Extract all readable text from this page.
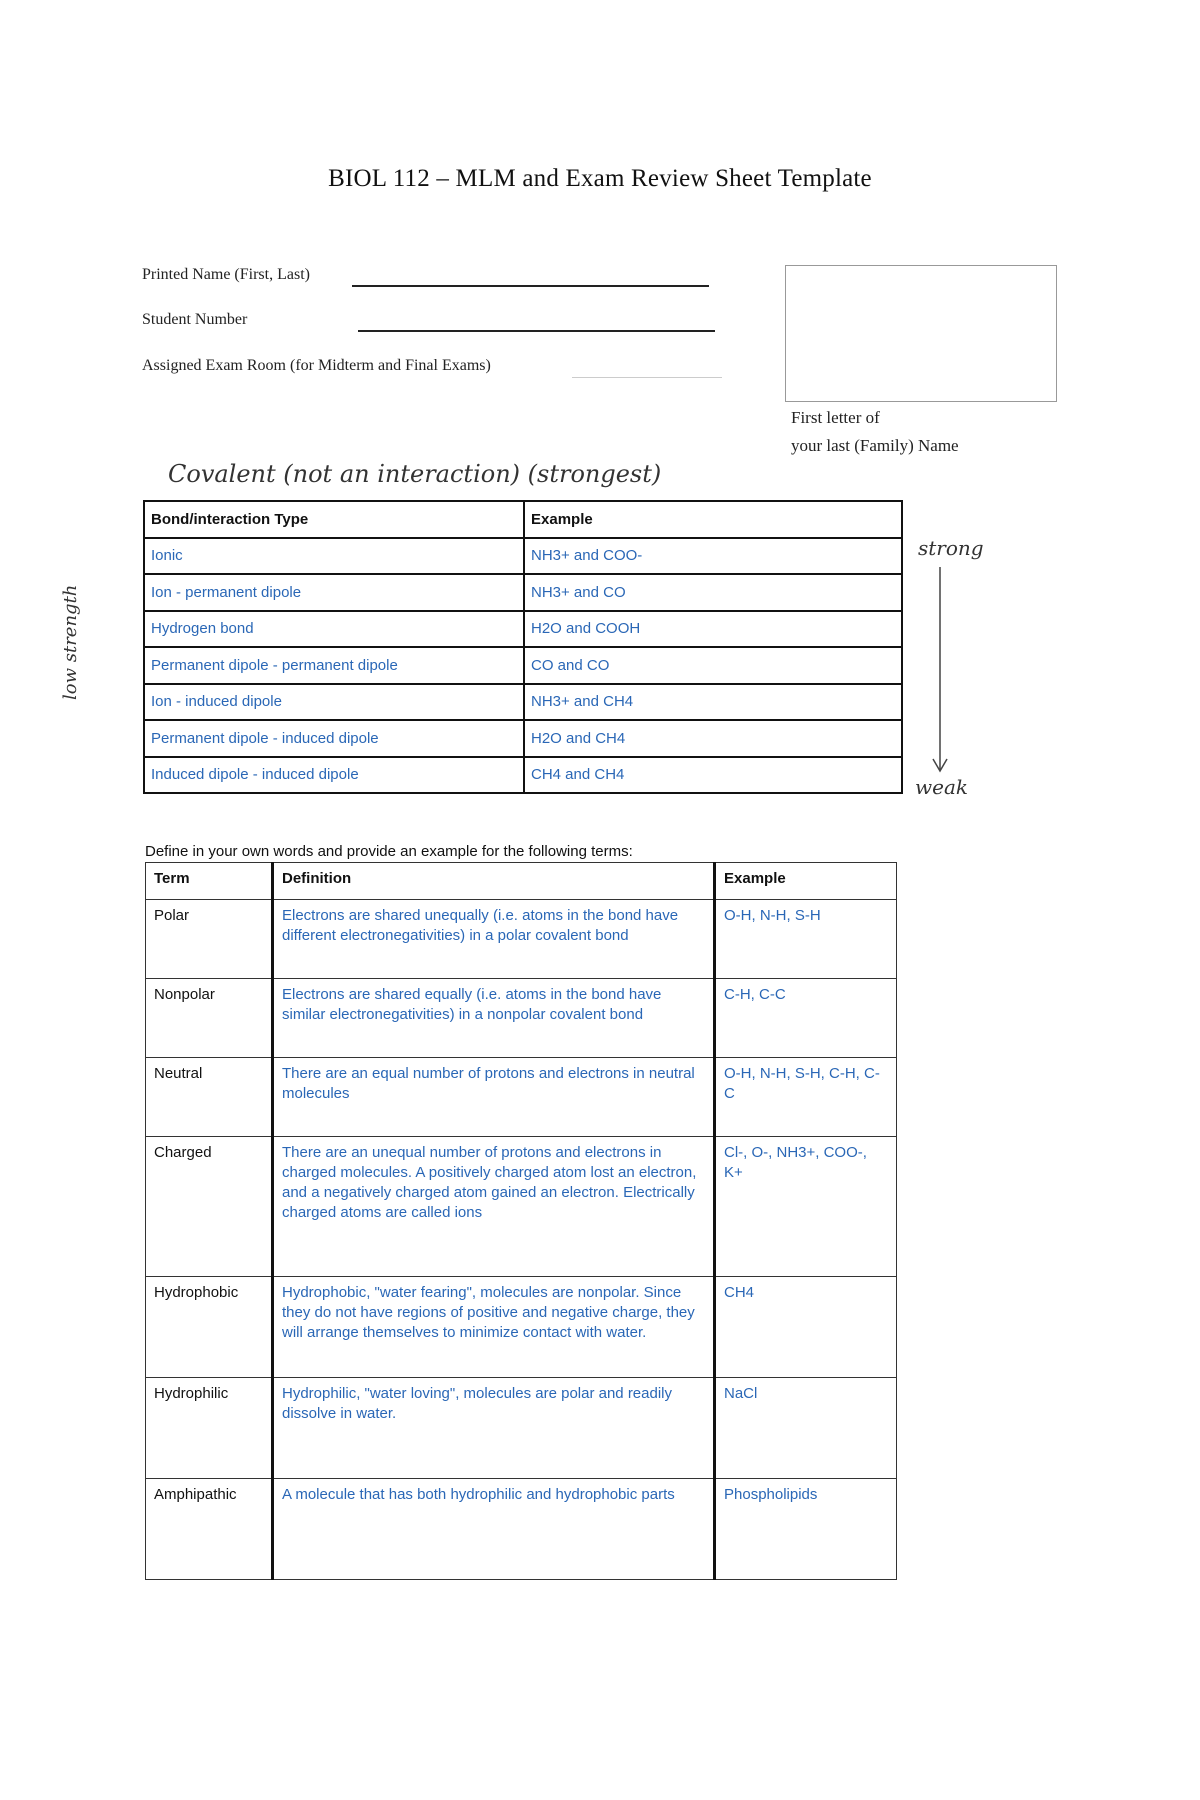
BIOL 112 – MLM and Exam Review Sheet Template
Printed Name (First, Last)
Student Number
Assigned Exam Room (for Midterm and Final Exams)
First letter of
your last (Family) Name
Covalent (not an interaction) (strongest)
strong
weak
low strength
Bond/interaction Type	Example
Ionic	NH3+ and COO-
Ion - permanent dipole	NH3+ and CO
Hydrogen bond	H2O and COOH
Permanent dipole - permanent dipole	CO and CO
Ion - induced dipole	NH3+ and CH4
Permanent dipole - induced dipole	H2O and CH4
Induced dipole - induced dipole	CH4 and CH4
Define in your own words and provide an example for the following terms:
Term	Definition	Example
Polar	Electrons are shared unequally (i.e. atoms in the bond have different electronegativities) in a polar covalent bond	O-H, N-H, S-H
Nonpolar	Electrons are shared equally (i.e. atoms in the bond have similar electronegativities) in a nonpolar covalent bond	C-H, C-C
Neutral	There are an equal number of protons and electrons in neutral molecules	O-H, N-H, S-H, C-H, C-C
Charged	There are an unequal number of protons and electrons in charged molecules. A positively charged atom lost an electron, and a negatively charged atom gained an electron. Electrically charged atoms are called ions	Cl-, O-, NH3+, COO-, K+
Hydrophobic	Hydrophobic, "water fearing", molecules are nonpolar. Since they do not have regions of positive and negative charge, they will arrange themselves to minimize contact with water.	CH4
Hydrophilic	Hydrophilic, "water loving", molecules are polar and readily dissolve in water.	NaCl
Amphipathic	A molecule that has both hydrophilic and hydrophobic parts	Phospholipids
